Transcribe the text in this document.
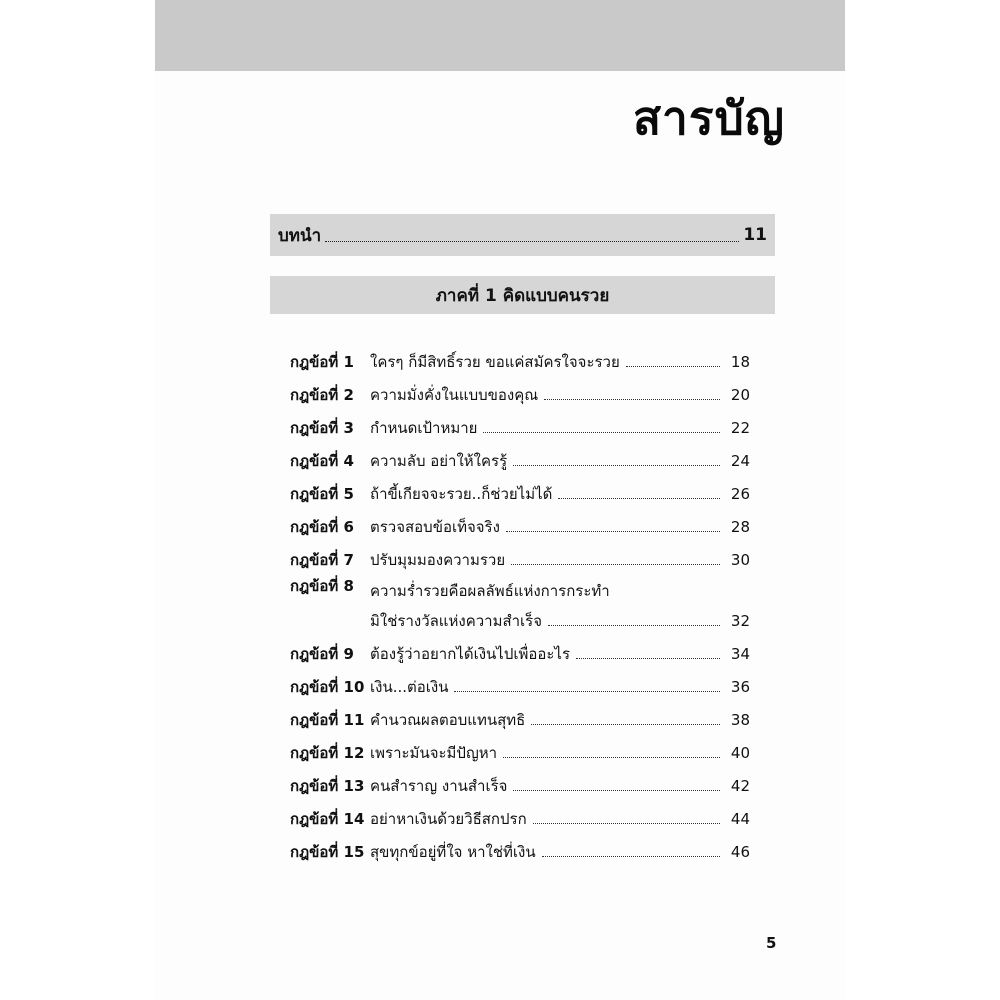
สารบัญ
บทนำ	11
ภาคที่ 1 คิดแบบคนรวย
กฎข้อที่ 1	ใครๆ ก็มีสิทธิ์รวย ขอแค่สมัครใจจะรวย	18
กฎข้อที่ 2	ความมั่งคั่งในแบบของคุณ	20
กฎข้อที่ 3	กำหนดเป้าหมาย	22
กฎข้อที่ 4	ความลับ อย่าให้ใครรู้	24
กฎข้อที่ 5	ถ้าขี้เกียจจะรวย..ก็ช่วยไม่ได้	26
กฎข้อที่ 6	ตรวจสอบข้อเท็จจริง	28
กฎข้อที่ 7	ปรับมุมมองความรวย	30
กฎข้อที่ 8	ความร่ำรวยคือผลลัพธ์แห่งการกระทำ
มิใช่รางวัลแห่งความสำเร็จ	32
กฎข้อที่ 9	ต้องรู้ว่าอยากได้เงินไปเพื่ออะไร	34
กฎข้อที่ 10 เงิน...ต่อเงิน	36
กฎข้อที่ 11 คำนวณผลตอบแทนสุทธิ	38
กฎข้อที่ 12 เพราะมันจะมีปัญหา	40
กฎข้อที่ 13 คนสำราญ งานสำเร็จ	42
กฎข้อที่ 14 อย่าหาเงินด้วยวิธีสกปรก	44
กฎข้อที่ 15 สุขทุกข์อยู่ที่ใจ หาใช่ที่เงิน	46
5
